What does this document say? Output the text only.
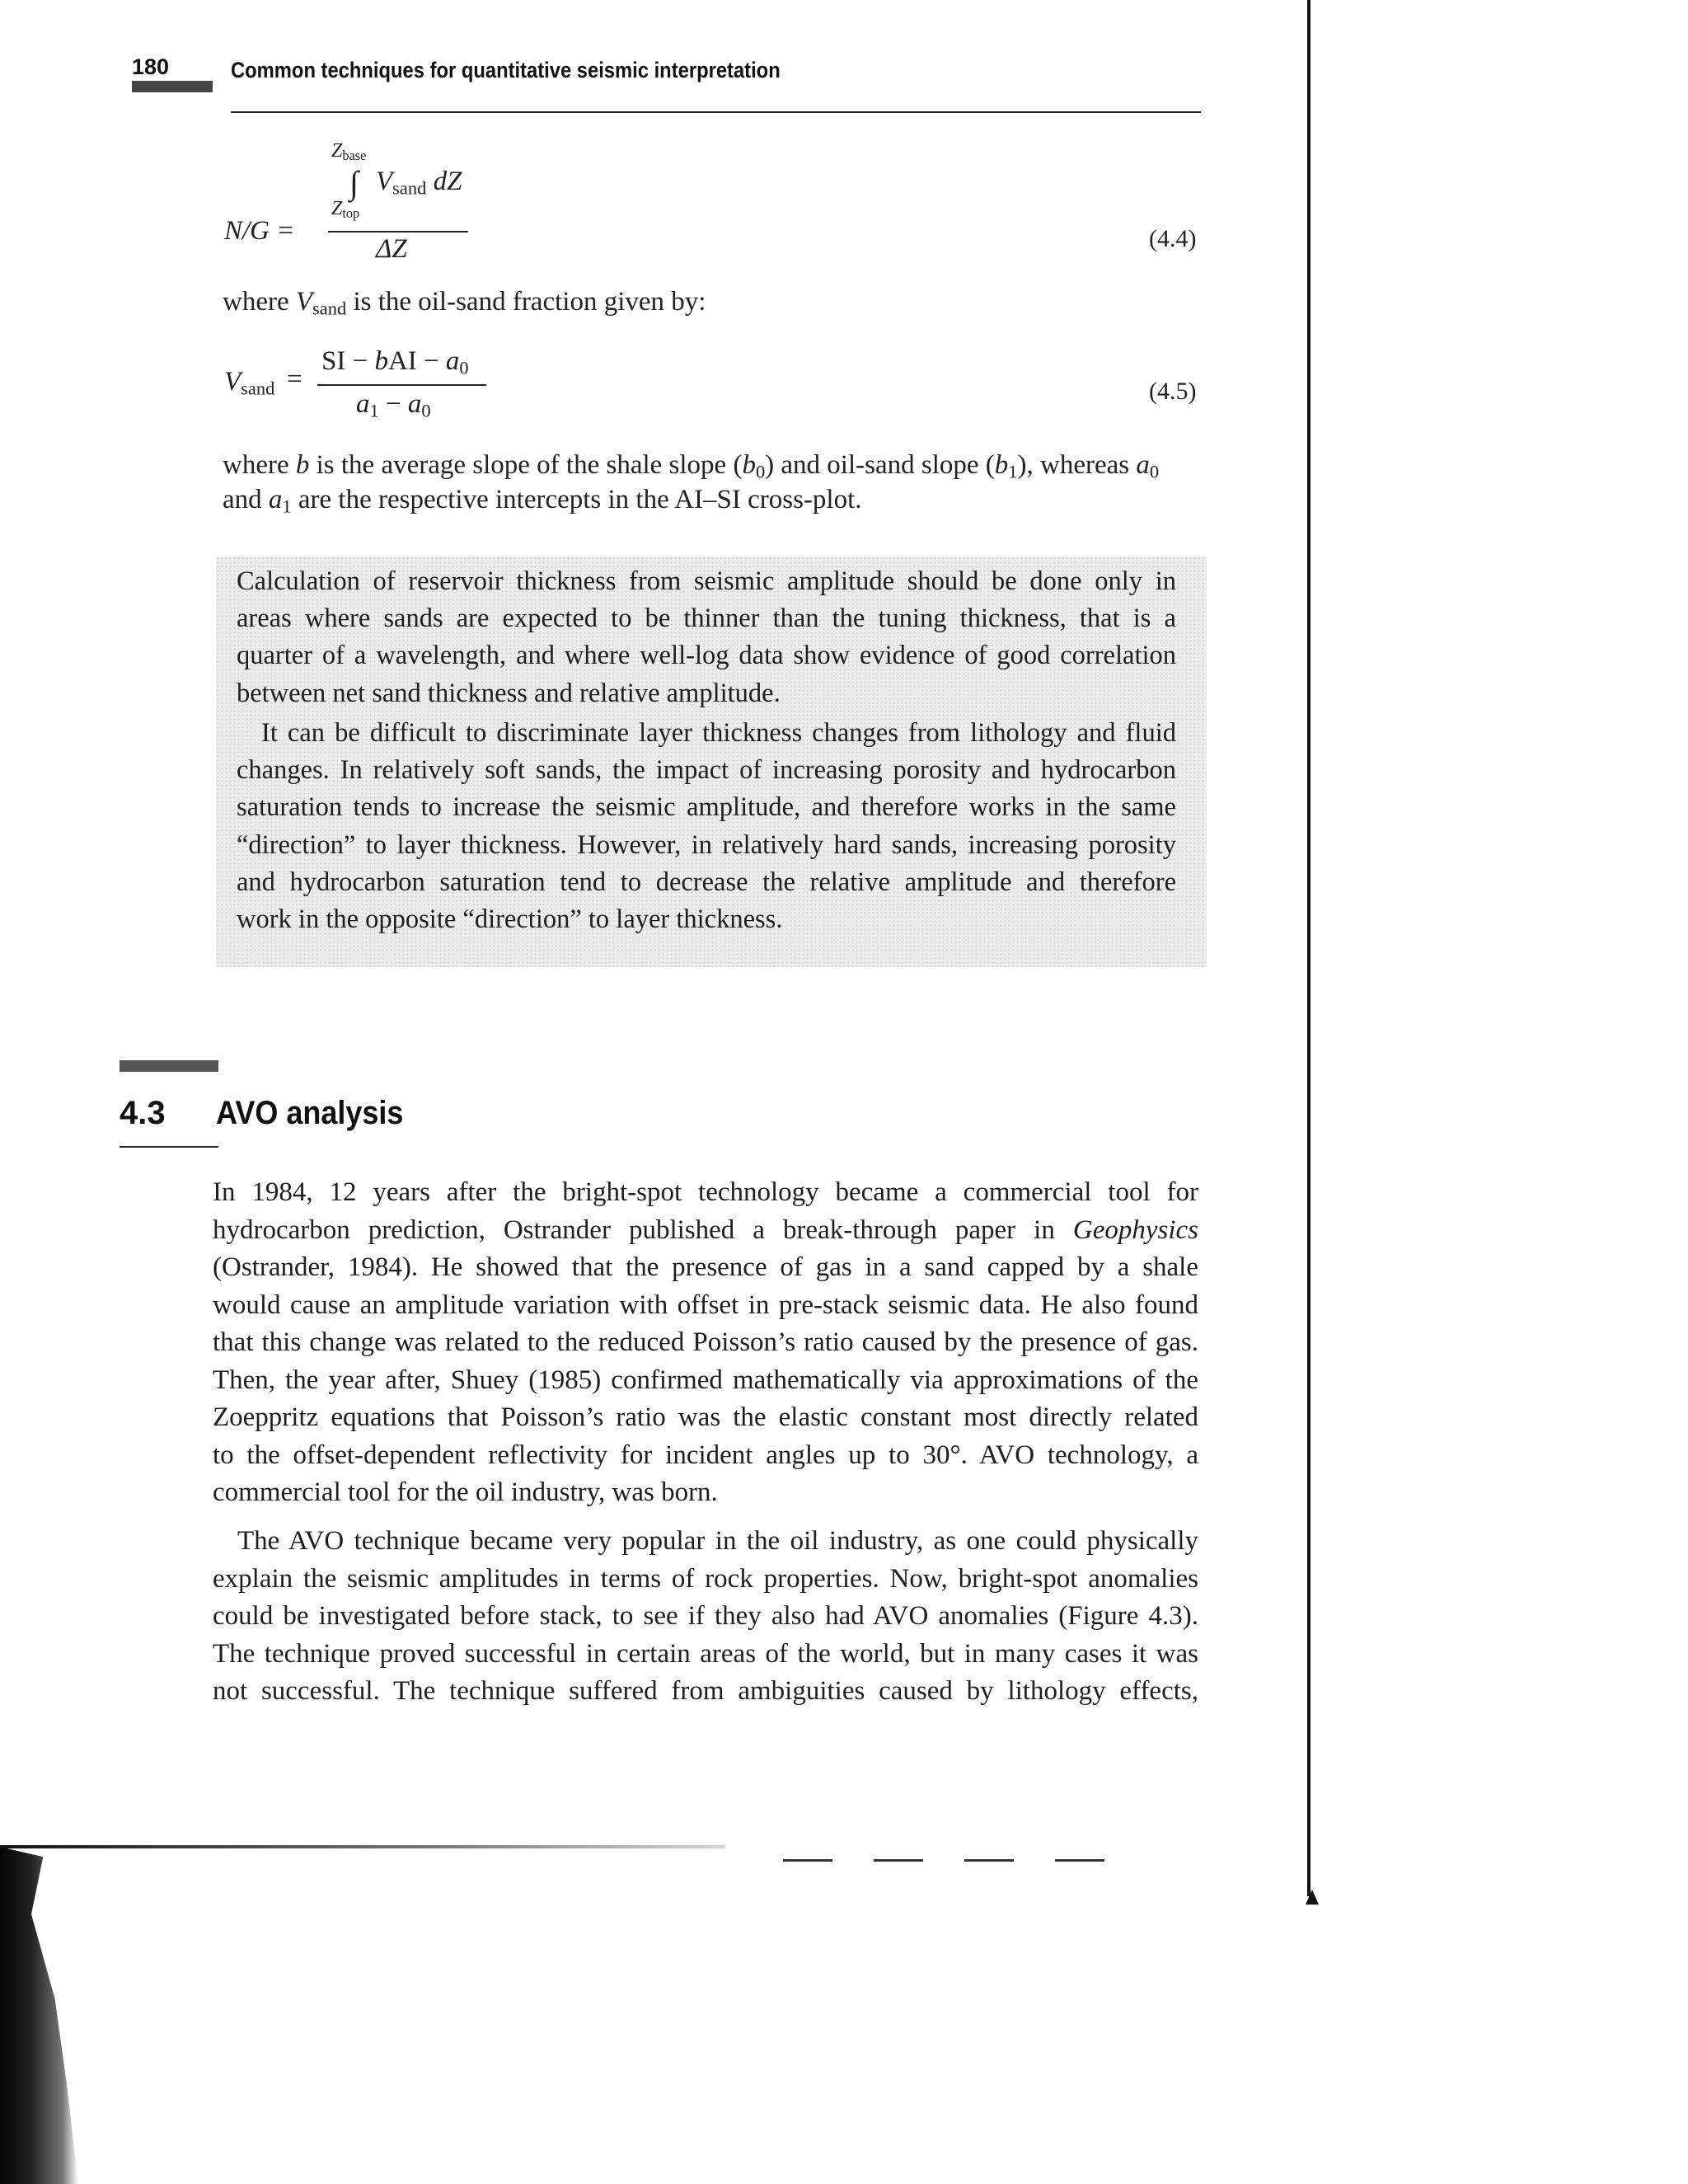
180	Common techniques for quantitative seismic interpretation
Zbase
∫ Vsand dZ
Ztop
N/G =
ΔZ	(4.4)
where Vsand is the oil-sand fraction given by:
Vsand =
SI − bAI − a0
a1 − a0
(4.5)
where b is the average slope of the shale slope (b0) and oil-sand slope (b1), whereas a0
and a1 are the respective intercepts in the AI–SI cross-plot.
Calculation of reservoir thickness from seismic amplitude should be done only in
areas where sands are expected to be thinner than the tuning thickness, that is a
quarter of a wavelength, and where well-log data show evidence of good correlation
between net sand thickness and relative amplitude.
It can be difficult to discriminate layer thickness changes from lithology and fluid
changes. In relatively soft sands, the impact of increasing porosity and hydrocarbon
saturation tends to increase the seismic amplitude, and therefore works in the same
“direction” to layer thickness. However, in relatively hard sands, increasing porosity
and hydrocarbon saturation tend to decrease the relative amplitude and therefore
work in the opposite “direction” to layer thickness.
4.3 AVO analysis
In 1984, 12 years after the bright-spot technology became a commercial tool for
hydrocarbon prediction, Ostrander published a break-through paper in Geophysics
(Ostrander, 1984). He showed that the presence of gas in a sand capped by a shale
would cause an amplitude variation with offset in pre-stack seismic data. He also found
that this change was related to the reduced Poisson’s ratio caused by the presence of gas.
Then, the year after, Shuey (1985) confirmed mathematically via approximations of the
Zoeppritz equations that Poisson’s ratio was the elastic constant most directly related
to the offset-dependent reflectivity for incident angles up to 30°. AVO technology, a
commercial tool for the oil industry, was born.
The AVO technique became very popular in the oil industry, as one could physically
explain the seismic amplitudes in terms of rock properties. Now, bright-spot anomalies
could be investigated before stack, to see if they also had AVO anomalies (Figure 4.3).
The technique proved successful in certain areas of the world, but in many cases it was
not successful. The technique suffered from ambiguities caused by lithology effects,
